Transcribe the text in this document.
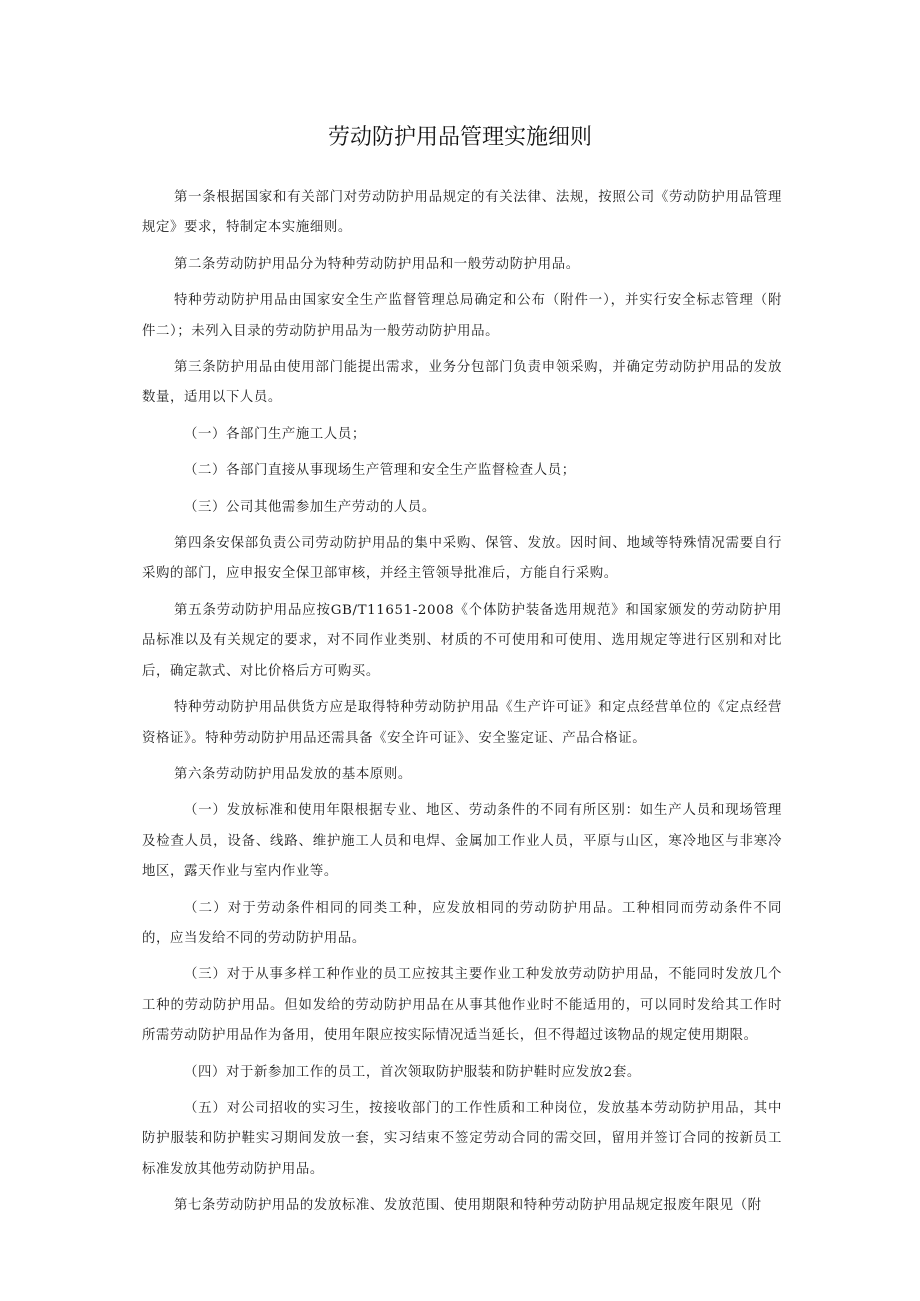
劳动防护用品管理实施细则

第一条根据国家和有关部门对劳动防护用品规定的有关法律、法规，按照公司《劳动防护用品管理规定》要求，特制定本实施细则。

第二条劳动防护用品分为特种劳动防护用品和一般劳动防护用品。

特种劳动防护用品由国家安全生产监督管理总局确定和公布（附件一），并实行安全标志管理（附件二）；未列入目录的劳动防护用品为一般劳动防护用品。

第三条防护用品由使用部门能提出需求，业务分包部门负责申领采购，并确定劳动防护用品的发放数量，适用以下人员。

（一）各部门生产施工人员；

（二）各部门直接从事现场生产管理和安全生产监督检查人员；

（三）公司其他需参加生产劳动的人员。

第四条安保部负责公司劳动防护用品的集中采购、保管、发放。因时间、地域等特殊情况需要自行采购的部门，应申报安全保卫部审核，并经主管领导批准后，方能自行采购。

第五条劳动防护用品应按GB/T11651-2008《个体防护装备选用规范》和国家颁发的劳动防护用品标准以及有关规定的要求，对不同作业类别、材质的不可使用和可使用、选用规定等进行区别和对比后，确定款式、对比价格后方可购买。

特种劳动防护用品供货方应是取得特种劳动防护用品《生产许可证》和定点经营单位的《定点经营资格证》。特种劳动防护用品还需具备《安全许可证》、安全鉴定证、产品合格证。

第六条劳动防护用品发放的基本原则。

（一）发放标准和使用年限根据专业、地区、劳动条件的不同有所区别：如生产人员和现场管理及检查人员，设备、线路、维护施工人员和电焊、金属加工作业人员，平原与山区，寒冷地区与非寒冷地区，露天作业与室内作业等。

（二）对于劳动条件相同的同类工种，应发放相同的劳动防护用品。工种相同而劳动条件不同的，应当发给不同的劳动防护用品。

（三）对于从事多样工种作业的员工应按其主要作业工种发放劳动防护用品，不能同时发放几个工种的劳动防护用品。但如发给的劳动防护用品在从事其他作业时不能适用的，可以同时发给其工作时所需劳动防护用品作为备用，使用年限应按实际情况适当延长，但不得超过该物品的规定使用期限。

（四）对于新参加工作的员工，首次领取防护服装和防护鞋时应发放2套。

（五）对公司招收的实习生，按接收部门的工作性质和工种岗位，发放基本劳动防护用品，其中防护服装和防护鞋实习期间发放一套，实习结束不签定劳动合同的需交回，留用并签订合同的按新员工标准发放其他劳动防护用品。

第七条劳动防护用品的发放标准、发放范围、使用期限和特种劳动防护用品规定报废年限见（附
